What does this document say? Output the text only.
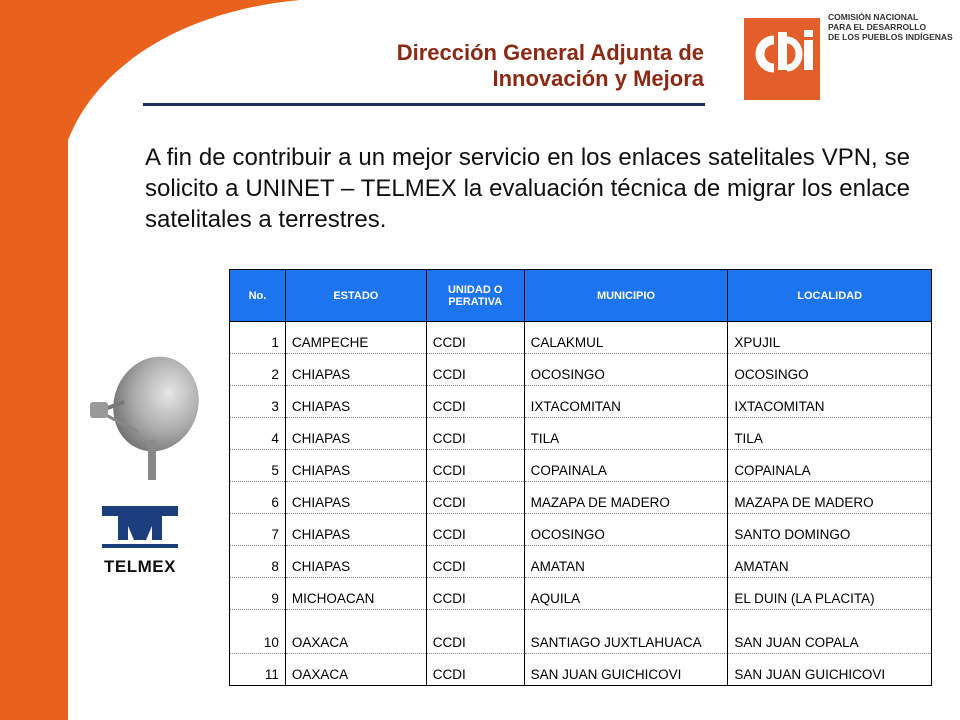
Dirección General Adjunta de
Innovación y Mejora
COMISIÓN NACIONAL
PARA EL DESARROLLO
DE LOS PUEBLOS INDÍGENAS
A fin de contribuir a un mejor servicio en los enlaces satelitales VPN, se solicito a UNINET – TELMEX la evaluación técnica de migrar los enlace satelitales a terrestres.
No.	ESTADO	UNIDAD O PERATIVA	MUNICIPIO	LOCALIDAD
1	CAMPECHE	CCDI	CALAKMUL	XPUJIL
2	CHIAPAS	CCDI	OCOSINGO	OCOSINGO
3	CHIAPAS	CCDI	IXTACOMITAN	IXTACOMITAN
4	CHIAPAS	CCDI	TILA	TILA
5	CHIAPAS	CCDI	COPAINALA	COPAINALA
6	CHIAPAS	CCDI	MAZAPA DE MADERO	MAZAPA DE MADERO
7	CHIAPAS	CCDI	OCOSINGO	SANTO DOMINGO
8	CHIAPAS	CCDI	AMATAN	AMATAN
9	MICHOACAN	CCDI	AQUILA	EL DUIN (LA PLACITA)
10	OAXACA	CCDI	SANTIAGO JUXTLAHUACA	SAN JUAN COPALA
11	OAXACA	CCDI	SAN JUAN GUICHICOVI	SAN JUAN GUICHICOVI
TELMEX
